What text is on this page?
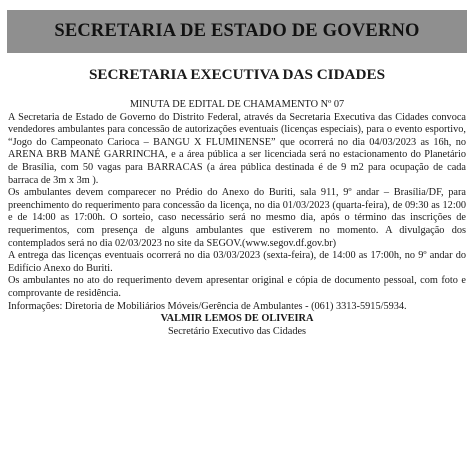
SECRETARIA DE ESTADO DE GOVERNO
SECRETARIA EXECUTIVA DAS CIDADES

MINUTA DE EDITAL DE CHAMAMENTO Nº 07

A Secretaria de Estado de Governo do Distrito Federal, através da Secretaria Executiva das Cidades convoca vendedores ambulantes para concessão de autorizações eventuais (licenças especiais), para o evento esportivo, “Jogo do Campeonato Carioca – BANGU X FLUMINENSE” que ocorrerá no dia 04/03/2023 as 16h, no ARENA BRB MANÉ GARRINCHA, e a área pública a ser licenciada será no estacionamento do Planetário de Brasília, com 50 vagas para BARRACAS (a área pública destinada é de 9 m2 para ocupação de cada barraca de 3m x 3m ).

Os ambulantes devem comparecer no Prédio do Anexo do Buriti, sala 911, 9º andar – Brasília/DF, para preenchimento do requerimento para concessão da licença, no dia 01/03/2023 (quarta-feira), de 09:30 as 12:00 e de 14:00 as 17:00h. O sorteio, caso necessário será no mesmo dia, após o término das inscrições de requerimentos, com presença de alguns ambulantes que estiverem no momento. A divulgação dos contemplados será no dia 02/03/2023 no site da SEGOV.(www.segov.df.gov.br)

A entrega das licenças eventuais ocorrerá no dia 03/03/2023 (sexta-feira), de 14:00 as 17:00h, no 9º andar do Edifício Anexo do Buriti.

Os ambulantes no ato do requerimento devem apresentar original e cópia de documento pessoal, com foto e comprovante de residência.

Informações: Diretoria de Mobiliários Móveis/Gerência de Ambulantes - (061) 3313-5915/5934.

VALMIR LEMOS DE OLIVEIRA

Secretário Executivo das Cidades
